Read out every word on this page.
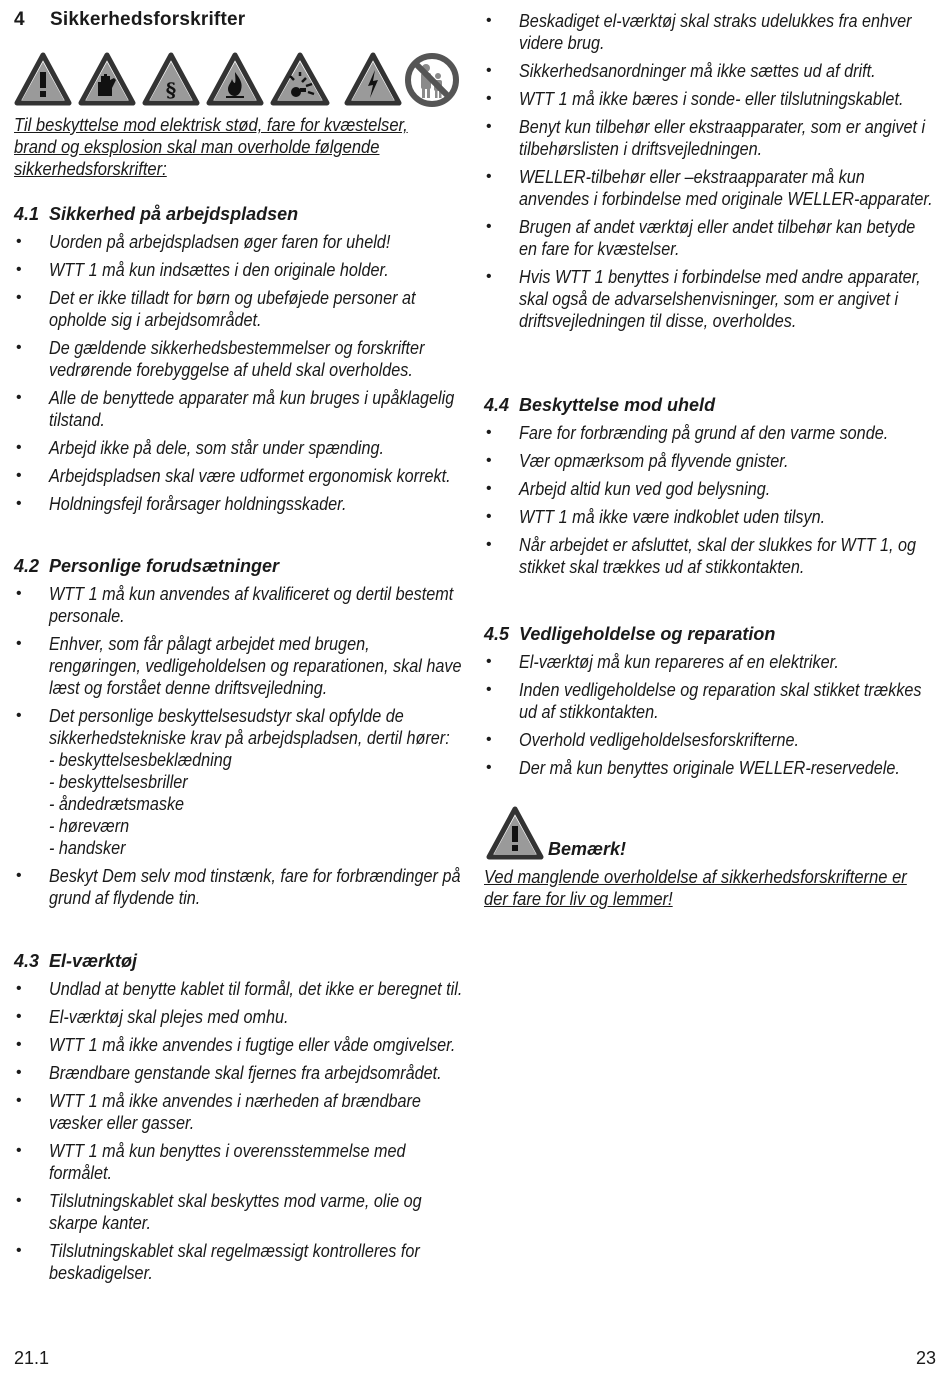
4 Sikkerhedsforskrifter
§

Til beskyttelse mod elektrisk stød, fare for kvæstelser, brand og eksplosion skal man overholde følgende sikkerhedsforskrifter:

4.1 Sikkerhed på arbejdspladsen
• Uorden på arbejdspladsen øger faren for uheld!
• WTT 1 må kun indsættes i den originale holder.
• Det er ikke tilladt for børn og ubeføjede personer at opholde sig i arbejdsområdet.
• De gældende sikkerhedsbestemmelser og forskrifter vedrørende forebyggelse af uheld skal overholdes.
• Alle de benyttede apparater må kun bruges i upåklagelig tilstand.
• Arbejd ikke på dele, som står under spænding.
• Arbejdspladsen skal være udformet ergonomisk korrekt.
• Holdningsfejl forårsager holdningsskader.
4.2 Personlige forudsætninger
• WTT 1 må kun anvendes af kvalificeret og dertil bestemt personale.
• Enhver, som får pålagt arbejdet med brugen, rengøringen, vedligeholdelsen og reparationen, skal have læst og forstået denne driftsvejledning.
• Det personlige beskyttelsesudstyr skal opfylde de sikkerhedstekniske krav på arbejdspladsen, dertil hører:
- beskyttelsesbeklædning
- beskyttelsesbriller
- åndedrætsmaske
- høreværn
- handsker
• Beskyt Dem selv mod tinstænk, fare for forbrændinger på grund af flydende tin.
4.3 El-værktøj
• Undlad at benytte kablet til formål, det ikke er beregnet til.
• El-værktøj skal plejes med omhu.
• WTT 1 må ikke anvendes i fugtige eller våde omgivelser.
• Brændbare genstande skal fjernes fra arbejdsområdet.
• WTT 1 må ikke anvendes i nærheden af brændbare væsker eller gasser.
• WTT 1 må kun benyttes i overensstemmelse med formålet.
• Tilslutningskablet skal beskyttes mod varme, olie og skarpe kanter.
• Tilslutningskablet skal regelmæssigt kontrolleres for beskadigelser.
• Beskadiget el-værktøj skal straks udelukkes fra enhver videre brug.
• Sikkerhedsanordninger må ikke sættes ud af drift.
• WTT 1 må ikke bæres i sonde- eller tilslutningskablet.
• Benyt kun tilbehør eller ekstraapparater, som er angivet i tilbehørslisten i driftsvejledningen.
• WELLER-tilbehør eller –ekstraapparater må kun anvendes i forbindelse med originale WELLER-apparater.
• Brugen af andet værktøj eller andet tilbehør kan betyde en fare for kvæstelser.
• Hvis WTT 1 benyttes i forbindelse med andre apparater, skal også de advarselshenvisninger, som er angivet i driftsvejledningen til disse, overholdes.
4.4 Beskyttelse mod uheld
• Fare for forbrænding på grund af den varme sonde.
• Vær opmærksom på flyvende gnister.
• Arbejd altid kun ved god belysning.
• WTT 1 må ikke være indkoblet uden tilsyn.
• Når arbejdet er afsluttet, skal der slukkes for WTT 1, og stikket skal trækkes ud af stikkontakten.
4.5 Vedligeholdelse og reparation
• El-værktøj må kun repareres af en elektriker.
• Inden vedligeholdelse og reparation skal stikket trækkes ud af stikkontakten.
• Overhold vedligeholdelsesforskrifterne.
• Der må kun benyttes originale WELLER-reservedele.
Bemærk!

Ved manglende overholdelse af sikkerhedsforskrifterne er der fare for liv og lemmer!

21.1	23
